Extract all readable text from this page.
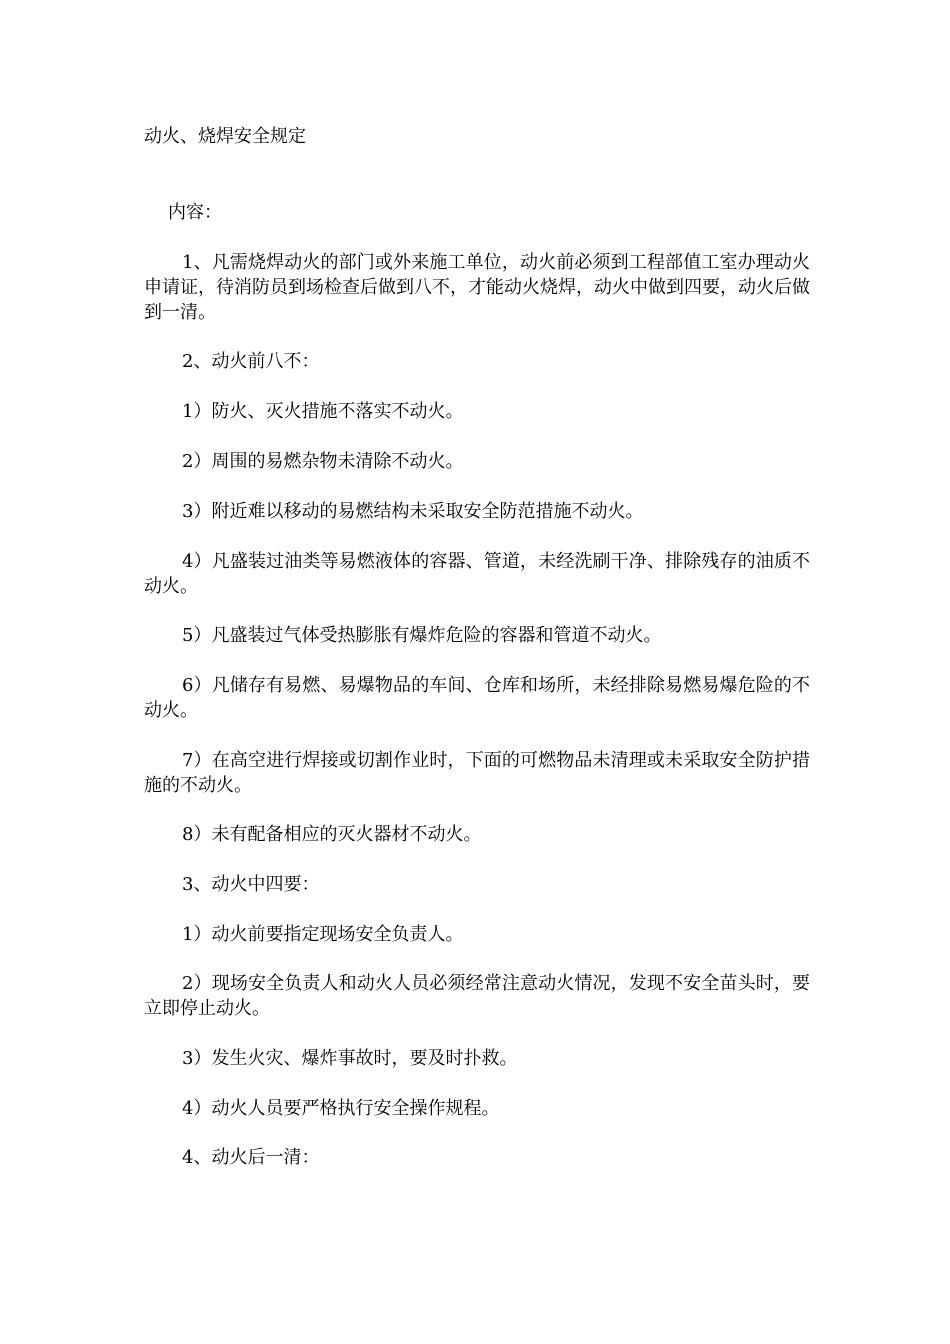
动火、烧焊安全规定

内容：

1、凡需烧焊动火的部门或外来施工单位，动火前必须到工程部值工室办理动火申请证，待消防员到场检查后做到八不，才能动火烧焊，动火中做到四要，动火后做到一清。

2、动火前八不：

1）防火、灭火措施不落实不动火。

2）周围的易燃杂物未清除不动火。

3）附近难以移动的易燃结构未采取安全防范措施不动火。

4）凡盛装过油类等易燃液体的容器、管道，未经洗刷干净、排除残存的油质不动火。

5）凡盛装过气体受热膨胀有爆炸危险的容器和管道不动火。

6）凡储存有易燃、易爆物品的车间、仓库和场所，未经排除易燃易爆危险的不动火。

7）在高空进行焊接或切割作业时，下面的可燃物品未清理或未采取安全防护措施的不动火。

8）未有配备相应的灭火器材不动火。

3、动火中四要：

1）动火前要指定现场安全负责人。

2）现场安全负责人和动火人员必须经常注意动火情况，发现不安全苗头时，要立即停止动火。

3）发生火灾、爆炸事故时，要及时扑救。

4）动火人员要严格执行安全操作规程。

4、动火后一清：
